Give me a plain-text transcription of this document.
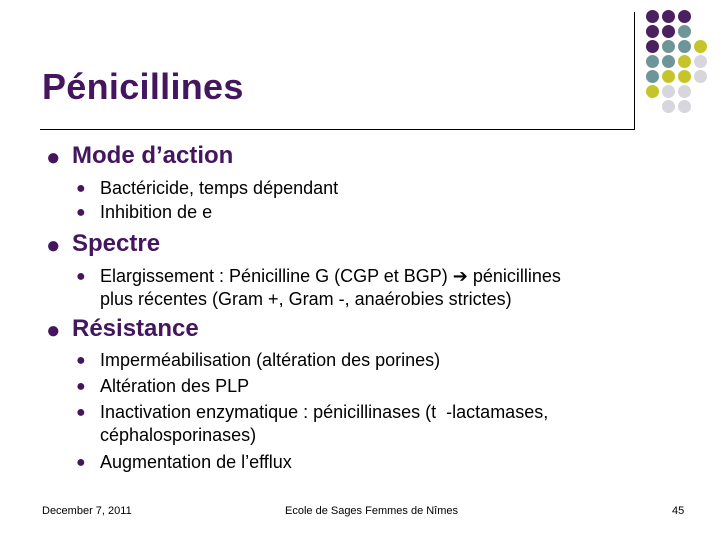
Pénicillines
● Mode d’action
● Bactéricide, temps dépendant
● Inhibition de e
● Spectre
● Elargissement : Pénicilline G (CGP et BGP) ➔ pénicillines
plus récentes (Gram +, Gram -, anaérobies strictes)
● Résistance
● Imperméabilisation (altération des porines)
● Altération des PLP
● Inactivation enzymatique : pénicillinases (t  -lactamases,
céphalosporinases)
● Augmentation de l’efflux
December 7, 2011	Ecole de Sages Femmes de Nîmes	45
